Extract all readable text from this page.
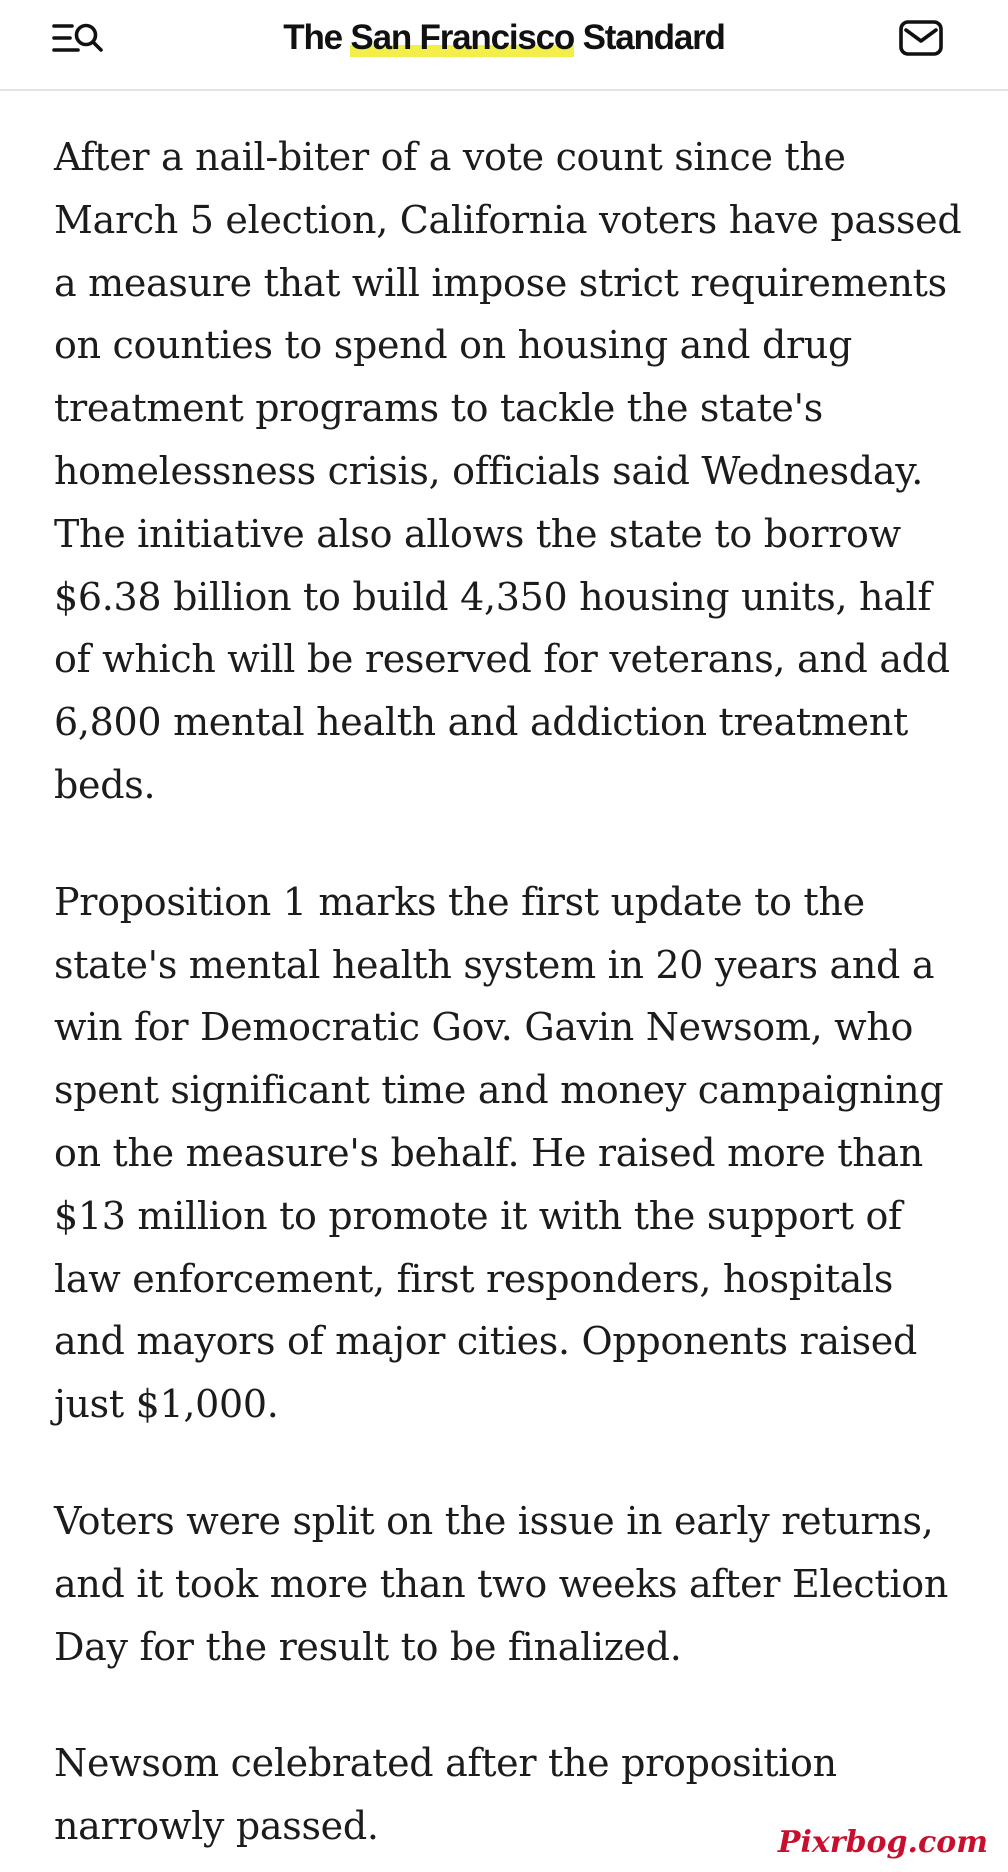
The San Francisco Standard

After a nail-biter of a vote count since the March 5 election, California voters have passed a measure that will impose strict requirements on counties to spend on housing and drug treatment programs to tackle the state's homelessness crisis, officials said Wednesday. The initiative also allows the state to borrow $6.38 billion to build 4,350 housing units, half of which will be reserved for veterans, and add 6,800 mental health and addiction treatment beds.

Proposition 1 marks the first update to the state's mental health system in 20 years and a win for Democratic Gov. Gavin Newsom, who spent significant time and money campaigning on the measure's behalf. He raised more than $13 million to promote it with the support of law enforcement, first responders, hospitals and mayors of major cities. Opponents raised just $1,000.

Voters were split on the issue in early returns, and it took more than two weeks after Election Day for the result to be finalized.

Newsom celebrated after the proposition narrowly passed.	Pixrbog.com
